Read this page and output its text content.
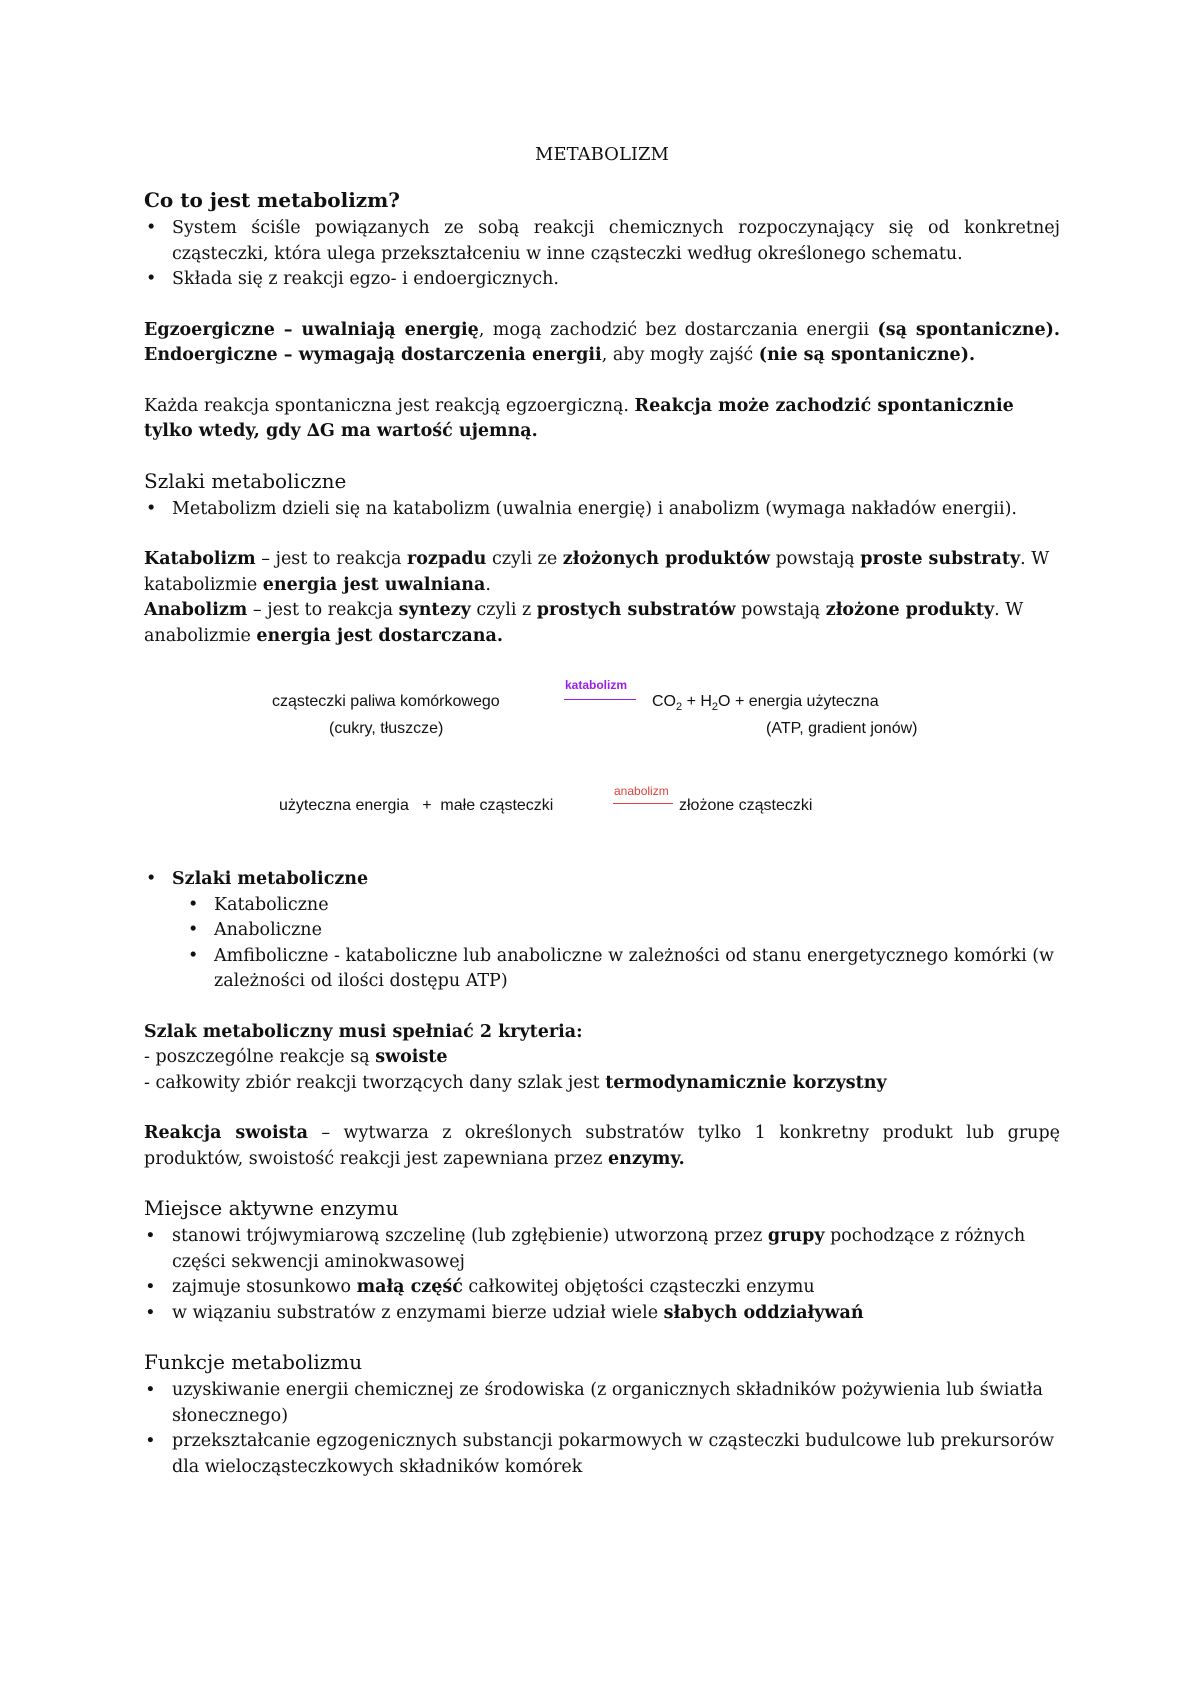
METABOLIZM

Co to jest metabolizm?
• System ściśle powiązanych ze sobą reakcji chemicznych rozpoczynający się od konkretnej cząsteczki, która ulega przekształceniu w inne cząsteczki według określonego schematu.
• Składa się z reakcji egzo- i endoergicznych.

Egzoergiczne – uwalniają energię, mogą zachodzić bez dostarczania energii (są spontaniczne).

Endoergiczne – wymagają dostarczenia energii, aby mogły zajść (nie są spontaniczne).

Każda reakcja spontaniczna jest reakcją egzoergiczną. Reakcja może zachodzić spontanicznie tylko wtedy, gdy ∆G ma wartość ujemną.

Szlaki metaboliczne
• Metabolizm dzieli się na katabolizm (uwalnia energię) i anabolizm (wymaga nakładów energii).

Katabolizm – jest to reakcja rozpadu czyli ze złożonych produktów powstają proste substraty. W katabolizmie energia jest uwalniana.

Anabolizm – jest to reakcja syntezy czyli z prostych substratów powstają złożone produkty. W anabolizmie energia jest dostarczana.

cząsteczki paliwa komórkowego
(cukry, tłuszcze)
katabolizm
$CO_2 + H_2O$ + energia użyteczna
(ATP, gradient jonów)
użyteczna energia   +  małe cząsteczki
anabolizm
złożone cząsteczki
• Szlaki metaboliczne
• Kataboliczne
• Anaboliczne
• Amfiboliczne - kataboliczne lub anaboliczne w zależności od stanu energetycznego komórki (w zależności od ilości dostępu ATP)

Szlak metaboliczny musi spełniać 2 kryteria:

- poszczególne reakcje są swoiste

- całkowity zbiór reakcji tworzących dany szlak jest termodynamicznie korzystny

Reakcja swoista – wytwarza z określonych substratów tylko 1 konkretny produkt lub grupę produktów, swoistość reakcji jest zapewniana przez enzymy.

Miejsce aktywne enzymu
• stanowi trójwymiarową szczelinę (lub zgłębienie) utworzoną przez grupy pochodzące z różnych części sekwencji aminokwasowej
• zajmuje stosunkowo małą część całkowitej objętości cząsteczki enzymu
• w wiązaniu substratów z enzymami bierze udział wiele słabych oddziaływań
Funkcje metabolizmu
• uzyskiwanie energii chemicznej ze środowiska (z organicznych składników pożywienia lub światła słonecznego)
• przekształcanie egzogenicznych substancji pokarmowych w cząsteczki budulcowe lub prekursorów dla wielocząsteczkowych składników komórek
